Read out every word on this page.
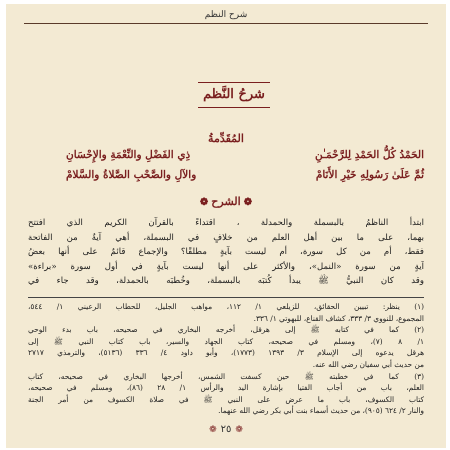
شرح النظم
شرحُ النَّظم
المُقَدِّمةُ
الحَمْدُ كُلُّ الحَمْدِ لِلرَّحْمَـٰنِ
ذِي الفَضْلِ والنِّعْمَةِ والإِحْسَانِ
ثُمَّ عَلَىٰ رَسُولِهِ خَيْرِ الأَنَامْ
والآلِ والصَّحْبِ الصَّلاةُ والسَّلامْ
❁الشرح❁
ابتدأ الناظمُ بالبسملة والحمدلة ، اقتداءً بالقرآن الكريم الذي افتتح
بهما، على ما بين أهل العلم من خلافٍ في البسملة، أهي آيةٌ من الفاتحة
فقط، أم من كل سورة، أم ليست بآيةٍ مطلقًا؟ والإجماع قائمٌ على أنها بعضُ
آيةٍ من سورة «النمل»، والأكثر على أنها ليست بآيةٍ في أول سورة «براءة»
وقد كان النبيُّ ﷺ يبدأ كُتبَه بالبسملة، وخُطبَه بالحمدلة، وقد جاء في
(١) ينظر: تبيين الحقائق، للزيلعي ١/ ١١٢، مواهب الجليل، للحطاب الرعيني ١/ ٥٤٤،
المجموع، للنووي ٣/ ٣٣٣، كشاف القناع، للبهوتي ١/ ٣٣٦.
(٢) كما في كتابه ﷺ إلى هرقل، أخرجه البخاري في صحيحه، باب بدء الوحي
١/ ٨ (٧)، ومسلم في صحيحه، كتاب الجهاد والسير، باب كتاب النبي ﷺ إلى
هرقل يدعوه إلى الإسلام ٣/ ١٣٩٣ (١٧٧٣)، وأبو داود ٤/ ٣٣٦ (٥١٣٦)، والترمذي ٢٧١٧
من حديث أبي سفيان رضي الله عنه.
(٣) كما في خطبته ﷺ حين كسفت الشمس، أخرجها البخاري في صحيحه، كتاب
العلم، باب من أجاب الفتيا بإشارة اليد والرأس ١/ ٢٨ (٨٦)، ومسلم في صحيحه،
كتاب الكسوف، باب ما عرض على النبي ﷺ في صلاة الكسوف من أمر الجنة
والنار ٢/ ٦٢٤ (٩٠٥)، من حديث أسماء بنت أبي بكر رضي الله عنهما.
❁٢٥❁
